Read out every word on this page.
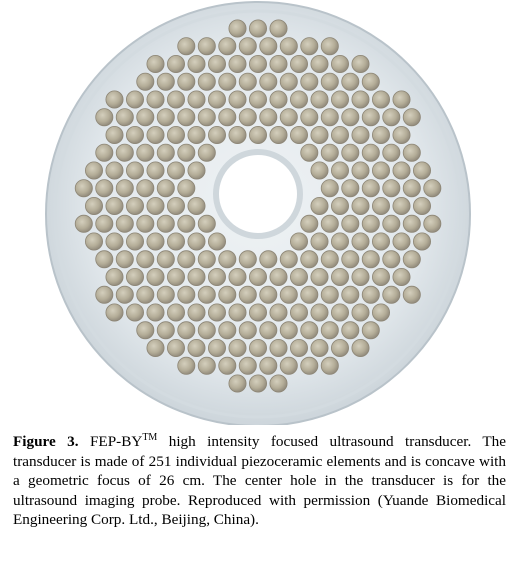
Figure 3. FEP-BY™ high intensity focused ultrasound transducer. The transducer is made of 251 individual piezoceramic elements and is concave with a geometric focus of 26 cm. The center hole in the transducer is for the ultrasound imaging probe. Reproduced with permission (Yuande Biomedical Engineering Corp. Ltd., Beijing, China).
